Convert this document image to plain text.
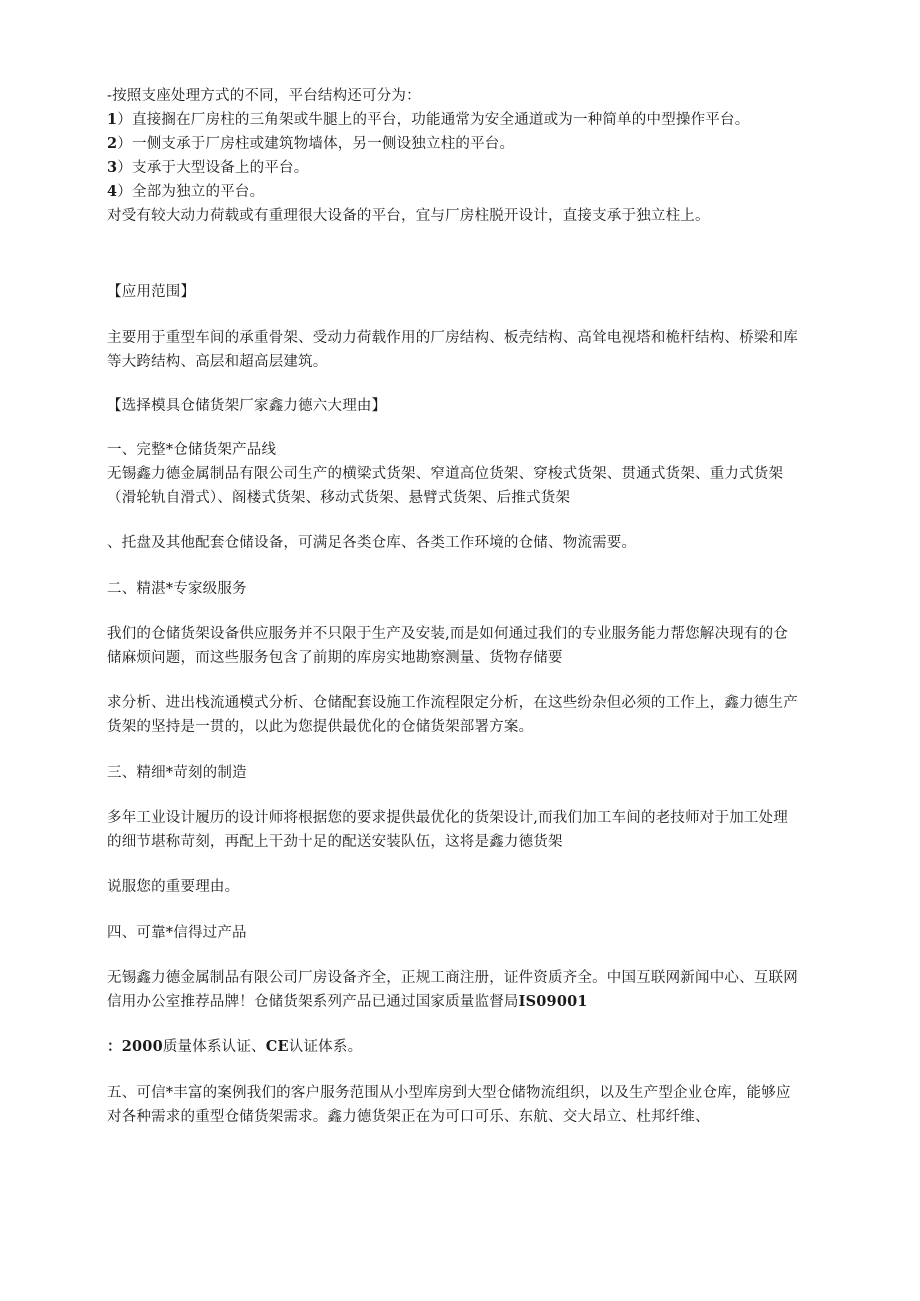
-按照支座处理方式的不同，平台结构还可分为：
1）直接搁在厂房柱的三角架或牛腿上的平台，功能通常为安全通道或为一种简单的中型操作平台。
2）一侧支承于厂房柱或建筑物墙体，另一侧设独立柱的平台。
3）支承于大型设备上的平台。
4）全部为独立的平台。
对受有较大动力荷载或有重理很大设备的平台，宜与厂房柱脱开设计，直接支承于独立柱上。
【应用范围】
主要用于重型车间的承重骨架、受动力荷载作用的厂房结构、板壳结构、高耸电视塔和桅杆结构、桥梁和库
等大跨结构、高层和超高层建筑。
【选择模具仓储货架厂家鑫力德六大理由】
一、完整*仓储货架产品线
无锡鑫力德金属制品有限公司生产的横梁式货架、窄道高位货架、穿梭式货架、贯通式货架、重力式货架
（滑轮轨自滑式）、阁楼式货架、移动式货架、悬臂式货架、后推式货架
、托盘及其他配套仓储设备，可满足各类仓库、各类工作环境的仓储、物流需要。
二、精湛*专家级服务
我们的仓储货架设备供应服务并不只限于生产及安装,而是如何通过我们的专业服务能力帮您解决现有的仓
储麻烦问题，而这些服务包含了前期的库房实地勘察测量、货物存储要
求分析、进出栈流通模式分析、仓储配套设施工作流程限定分析，在这些纷杂但必须的工作上，鑫力德生产
货架的坚持是一贯的，以此为您提供最优化的仓储货架部署方案。
三、精细*苛刻的制造
多年工业设计履历的设计师将根据您的要求提供最优化的货架设计,而我们加工车间的老技师对于加工处理
的细节堪称苛刻，再配上干劲十足的配送安装队伍，这将是鑫力德货架
说服您的重要理由。
四、可靠*信得过产品
无锡鑫力德金属制品有限公司厂房设备齐全，正规工商注册，证件资质齐全。中国互联网新闻中心、互联网
信用办公室推荐品牌！仓储货架系列产品已通过国家质量监督局IS09001
：2000质量体系认证、CE认证体系。
五、可信*丰富的案例我们的客户服务范围从小型库房到大型仓储物流组织，以及生产型企业仓库，能够应
对各种需求的重型仓储货架需求。鑫力德货架正在为可口可乐、东航、交大昂立、杜邦纤维、
